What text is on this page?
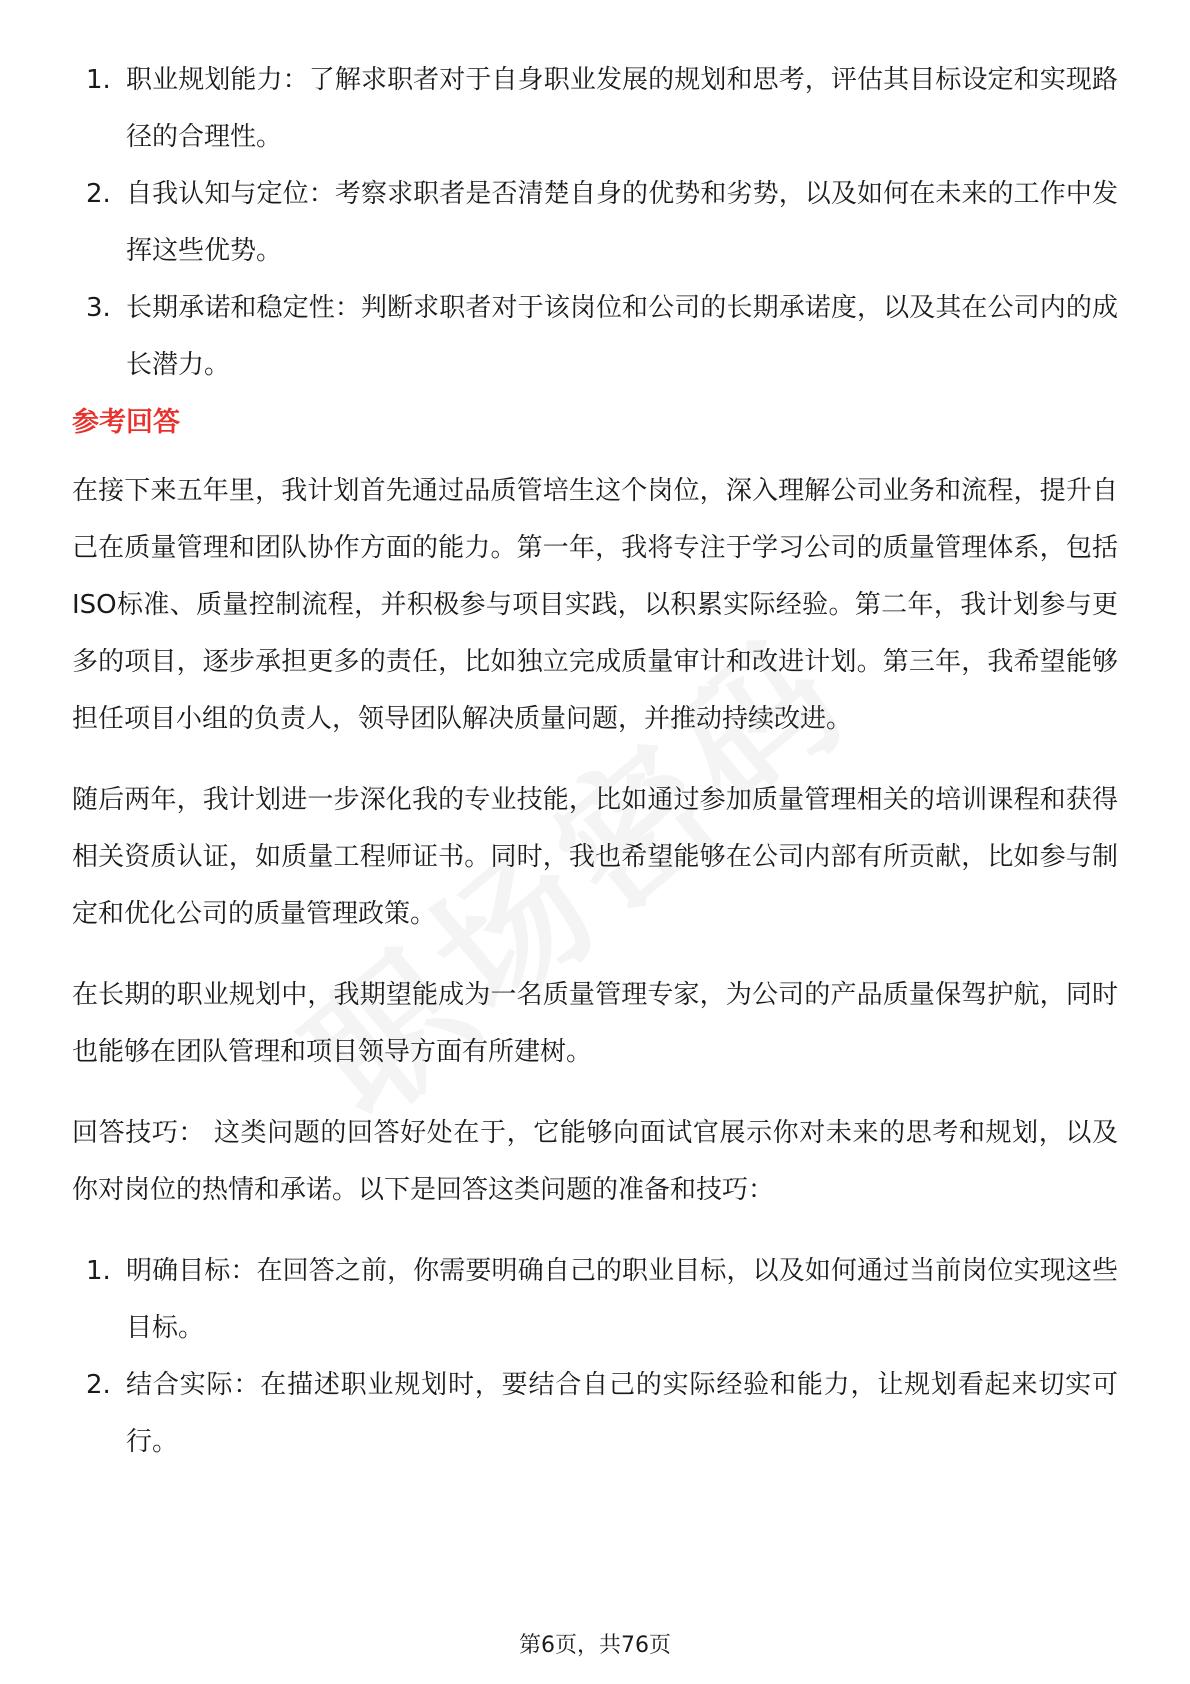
1. 职业规划能力：了解求职者对于自身职业发展的规划和思考，评估其目标设定和实现路径的合理性。
2. 自我认知与定位：考察求职者是否清楚自身的优势和劣势，以及如何在未来的工作中发挥这些优势。
3. 长期承诺和稳定性：判断求职者对于该岗位和公司的长期承诺度，以及其在公司内的成长潜力。
参考回答

在接下来五年里，我计划首先通过品质管培生这个岗位，深入理解公司业务和流程，提升自己在质量管理和团队协作方面的能力。第一年，我将专注于学习公司的质量管理体系，包括ISO标准、质量控制流程，并积极参与项目实践，以积累实际经验。第二年，我计划参与更多的项目，逐步承担更多的责任，比如独立完成质量审计和改进计划。第三年，我希望能够担任项目小组的负责人，领导团队解决质量问题，并推动持续改进。

随后两年，我计划进一步深化我的专业技能，比如通过参加质量管理相关的培训课程和获得相关资质认证，如质量工程师证书。同时，我也希望能够在公司内部有所贡献，比如参与制定和优化公司的质量管理政策。

在长期的职业规划中，我期望能成为一名质量管理专家，为公司的产品质量保驾护航，同时也能够在团队管理和项目领导方面有所建树。

回答技巧： 这类问题的回答好处在于，它能够向面试官展示你对未来的思考和规划，以及你对岗位的热情和承诺。以下是回答这类问题的准备和技巧：

1. 明确目标：在回答之前，你需要明确自己的职业目标，以及如何通过当前岗位实现这些目标。
2. 结合实际：在描述职业规划时，要结合自己的实际经验和能力，让规划看起来切实可行。
第6页，共76页
